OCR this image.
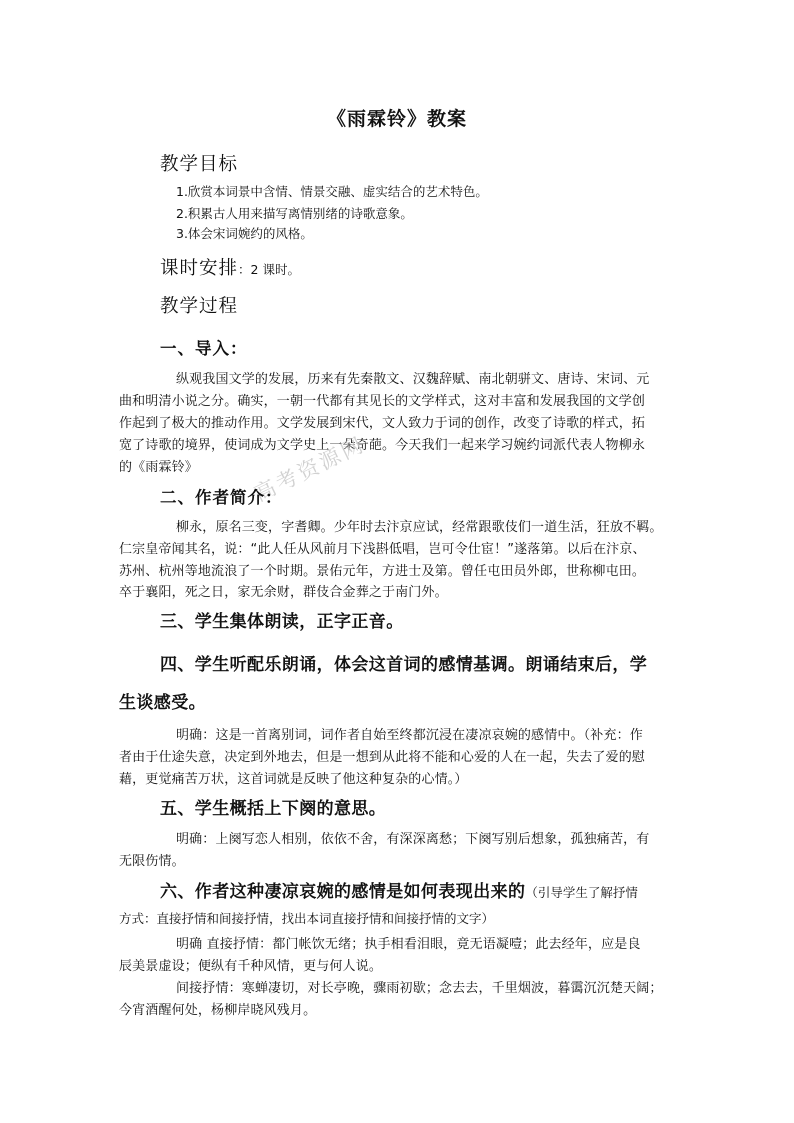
《雨霖铃》教案
教学目标
1.欣赏本词景中含情、情景交融、虚实结合的艺术特色。
2.积累古人用来描写离情别绪的诗歌意象。
3.体会宋词婉约的风格。
课时安排：2 课时。
教学过程
一、导入：
纵观我国文学的发展，历来有先秦散文、汉魏辞赋、南北朝骈文、唐诗、宋词、元
曲和明清小说之分。确实，一朝一代都有其见长的文学样式，这对丰富和发展我国的文学创
作起到了极大的推动作用。文学发展到宋代，文人致力于词的创作，改变了诗歌的样式，拓
宽了诗歌的境界，使词成为文学史上一朵奇葩。今天我们一起来学习婉约词派代表人物柳永
的《雨霖铃》	高考资源网
二、作者简介：
柳永，原名三变，字耆卿。少年时去汴京应试，经常跟歌伎们一道生活，狂放不羁。
仁宗皇帝闻其名，说：“此人任从风前月下浅斟低唱，岂可令仕宦！”遂落第。以后在汴京、
苏州、杭州等地流浪了一个时期。景佑元年，方进士及第。曾任屯田员外郎，世称柳屯田。
卒于襄阳，死之日，家无余财，群伎合金葬之于南门外。
三、学生集体朗读，正字正音。
四、学生听配乐朗诵，体会这首词的感情基调。朗诵结束后，学
生谈感受。
明确：这是一首离别词，词作者自始至终都沉浸在凄凉哀婉的感情中。（补充：作
者由于仕途失意，决定到外地去，但是一想到从此将不能和心爱的人在一起，失去了爱的慰
藉，更觉痛苦万状，这首词就是反映了他这种复杂的心情。）
五、学生概括上下阕的意思。
明确：上阕写恋人相别，依依不舍，有深深离愁；下阕写别后想象，孤独痛苦，有
无限伤情。
六、作者这种凄凉哀婉的感情是如何表现出来的（引导学生了解抒情
方式：直接抒情和间接抒情，找出本词直接抒情和间接抒情的文字）
明确 直接抒情：都门帐饮无绪；执手相看泪眼，竟无语凝噎；此去经年，应是良
辰美景虚设；便纵有千种风情，更与何人说。
间接抒情：寒蝉凄切，对长亭晚，骤雨初歇；念去去，千里烟波，暮霭沉沉楚天阔；
今宵酒醒何处，杨柳岸晓风残月。
